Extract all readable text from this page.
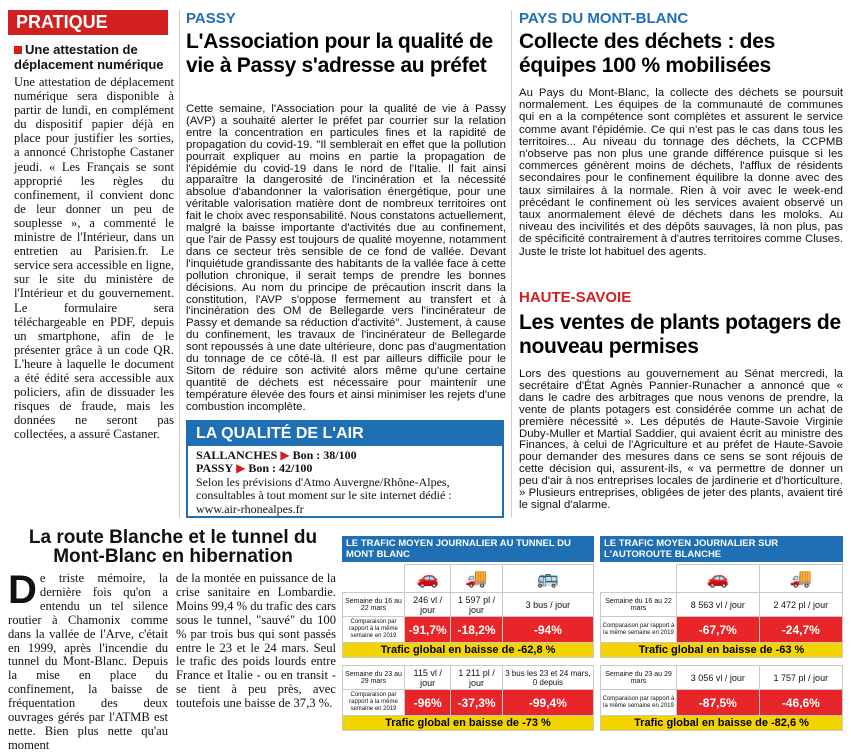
PRATIQUE
Une attestation de déplacement numérique
Une attestation de déplacement numérique sera disponible à partir de lundi, en complément du dispositif papier déjà en place pour justifier les sorties, a annoncé Christophe Castaner jeudi. « Les Français se sont approprié les règles du confinement, il convient donc de leur donner un peu de souplesse », a commenté le ministre de l'Intérieur, dans un entretien au Parisien.fr. Le service sera accessible en ligne, sur le site du ministère de l'Intérieur et du gouvernement. Le formulaire sera téléchargeable en PDF, depuis un smartphone, afin de le présenter grâce à un code QR. L'heure à laquelle le document a été édité sera accessible aux policiers, afin de dissuader les risques de fraude, mais les données ne seront pas collectées, a assuré Castaner.
PASSY
L'Association pour la qualité de vie à Passy s'adresse au préfet
Cette semaine, l'Association pour la qualité de vie à Passy (AVP) a souhaité alerter le préfet par courrier sur la relation entre la concentration en particules fines et la rapidité de propagation du covid-19. "Il semblerait en effet que la pollution pourrait expliquer au moins en partie la propagation de l'épidémie du covid-19 dans le nord de l'Italie. Il fait ainsi apparaître la dangerosité de l'incinération et la nécessité absolue d'abandonner la valorisation énergétique, pour une véritable valorisation matière dont de nombreux territoires ont fait le choix avec responsabilité. Nous constatons actuellement, malgré la baisse importante d'activités due au confinement, que l'air de Passy est toujours de qualité moyenne, notamment dans ce secteur très sensible de ce fond de vallée. Devant l'inquiétude grandissante des habitants de la vallée face à cette pollution chronique, il serait temps de prendre les bonnes décisions. Au nom du principe de précaution inscrit dans la constitution, l'AVP s'oppose fermement au transfert et à l'incinération des OM de Bellegarde vers l'incinérateur de Passy et demande sa réduction d'activité". Justement, à cause du confinement, les travaux de l'incinérateur de Bellegarde sont repoussés à une date ultérieure, donc pas d'augmentation du tonnage de ce côté-là. Il est par ailleurs difficile pour le Sitom de réduire son activité alors même qu'une certaine quantité de déchets est nécessaire pour maintenir une température élevée des fours et ainsi minimiser les rejets d'une combustion incomplète.
LA QUALITÉ DE L'AIR
SALLANCHES ▶ Bon : 38/100
PASSY ▶ Bon : 42/100
Selon les prévisions d'Atmo Auvergne/Rhône-Alpes, consultables à tout moment sur le site internet dédié :
www.air-rhonealpes.fr
PAYS DU MONT-BLANC
Collecte des déchets : des équipes 100 % mobilisées
Au Pays du Mont-Blanc, la collecte des déchets se poursuit normalement. Les équipes de la communauté de communes qui en a la compétence sont complètes et assurent le service comme avant l'épidémie. Ce qui n'est pas le cas dans tous les territoires... Au niveau du tonnage des déchets, la CCPMB n'observe pas non plus une grande différence puisque si les commerces génèrent moins de déchets, l'afflux de résidents secondaires pour le confinement équilibre la donne avec des taux similaires à la normale. Rien à voir avec le week-end précédant le confinement où les services avaient observé un taux anormalement élevé de déchets dans les moloks. Au niveau des incivilités et des dépôts sauvages, là non plus, pas de spécificité contrairement à d'autres territoires comme Cluses. Juste le triste lot habituel des agents.
HAUTE-SAVOIE
Les ventes de plants potagers de nouveau permises
Lors des questions au gouvernement au Sénat mercredi, la secrétaire d'État Agnès Pannier-Runacher a annoncé que « dans le cadre des arbitrages que nous venons de prendre, la vente de plants potagers est considérée comme un achat de première nécessité ». Les députés de Haute-Savoie Virginie Duby-Muller et Martial Saddier, qui avaient écrit au ministre des Finances, à celui de l'Agriculture et au préfet de Haute-Savoie pour demander des mesures dans ce sens se sont réjouis de cette décision qui, assurent-ils, « va permettre de donner un peu d'air à nos entreprises locales de jardinerie et d'horticulture. » Plusieurs entreprises, obligées de jeter des plants, avaient tiré le signal d'alarme.
La route Blanche et le tunnel du Mont-Blanc en hibernation
De triste mémoire, la dernière fois qu'on a entendu un tel silence routier à Chamonix comme dans la vallée de l'Arve, c'était en 1999, après l'incendie du tunnel du Mont-Blanc. Depuis la mise en place du confinement, la baisse de fréquentation des deux ouvrages gérés par l'ATMB est nette. Bien plus nette qu'au moment
de la montée en puissance de la crise sanitaire en Lombardie. Moins 99,4 % du trafic des cars sous le tunnel, "sauvé" du 100 % par trois bus qui sont passés entre le 23 et le 24 mars. Seul le trafic des poids lourds entre France et Italie - ou en transit - se tient à peu près, avec toutefois une baisse de 37,3 %.
LE TRAFIC MOYEN JOURNALIER AU TUNNEL DU MONT BLANC
	🚗	🚚	🚌
Semaine du 16 au 22 mars	246 vl / jour	1 597 pl / jour	3 bus / jour
Comparaison par rapport à la même semaine en 2019	-91,7%	-18,2%	-94%
Trafic global en baisse de -62,8 %			

Semaine du 23 au 29 mars	115 vl / jour	1 211 pl / jour	3 bus les 23 et 24 mars, 0 depuis
Comparaison par rapport à la même semaine en 2019	-96%	-37,3%	-99,4%
Trafic global en baisse de -73 %			
LE TRAFIC MOYEN JOURNALIER SUR L'AUTOROUTE BLANCHE
	🚗	🚚
Semaine du 16 au 22 mars	8 563 vl / jour	2 472 pl / jour
Comparaison par rapport à la même semaine en 2019	-67,7%	-24,7%
Trafic global en baisse de -63 %		

Semaine du 23 au 29 mars	3 056 vl / jour	1 757 pl / jour
Comparaison par rapport à la même semaine en 2019	-87,5%	-46,6%
Trafic global en baisse de -82,6 %		
